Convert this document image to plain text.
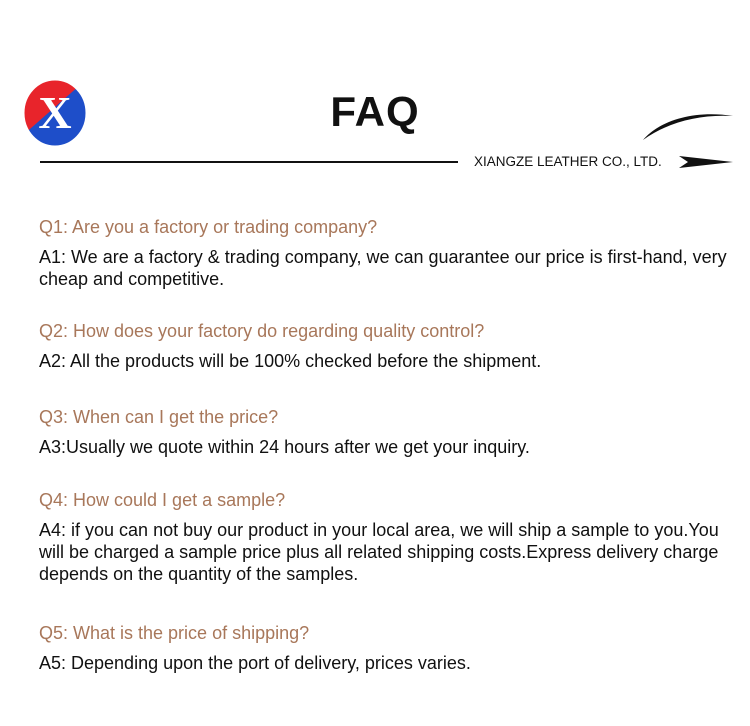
X	FAQ
XIANGZE LEATHER CO., LTD.
Q1: Are you a factory or trading company?
A1: We are a factory & trading company, we can guarantee our price is first-hand, very cheap and competitive.
Q2: How does your factory do regarding quality control?
A2: All the products will be 100% checked before the shipment.
Q3: When can I get the price?
A3:Usually we quote within 24 hours after we get your inquiry.
Q4: How could I get a sample?
A4: if you can not buy our product in your local area, we will ship a sample to you.You will be charged a sample price plus all related shipping costs.Express delivery charge depends on the quantity of the samples.
Q5: What is the price of shipping?
A5: Depending upon the port of delivery, prices varies.
